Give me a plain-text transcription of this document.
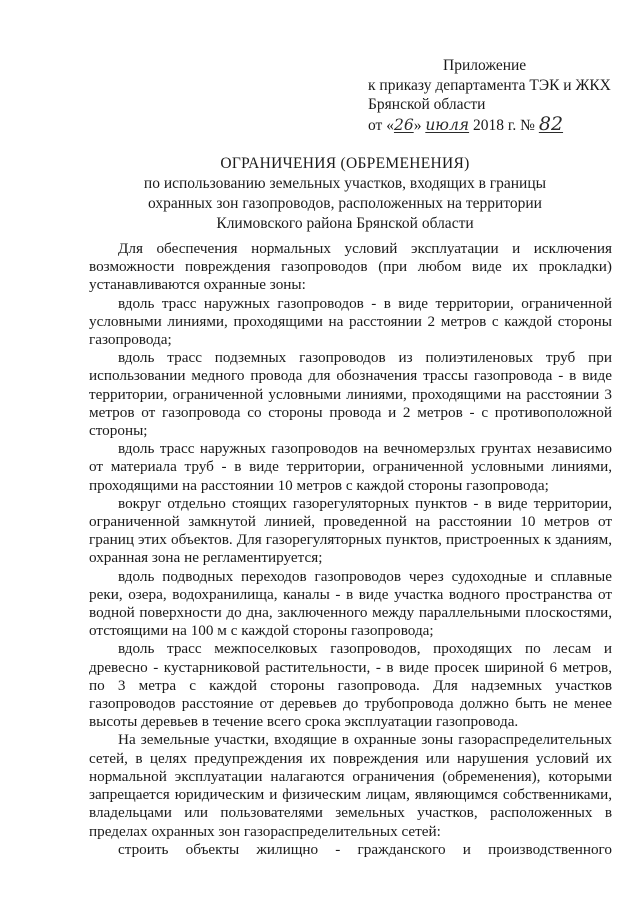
Приложение
к приказу департамента ТЭК и ЖКХ
Брянской области
от «26» июля 2018 г. № 82
ОГРАНИЧЕНИЯ (ОБРЕМЕНЕНИЯ)
по использованию земельных участков, входящих в границы охранных зон газопроводов, расположенных на территории Климовского района Брянской области

Для обеспечения нормальных условий эксплуатации и исключения возможности повреждения газопроводов (при любом виде их прокладки) устанавливаются охранные зоны:

вдоль трасс наружных газопроводов - в виде территории, ограниченной условными линиями, проходящими на расстоянии 2 метров с каждой стороны газопровода;

вдоль трасс подземных газопроводов из полиэтиленовых труб при использовании медного провода для обозначения трассы газопровода - в виде территории, ограниченной условными линиями, проходящими на расстоянии 3 метров от газопровода со стороны провода и 2 метров - с противоположной стороны;

вдоль трасс наружных газопроводов на вечномерзлых грунтах независимо от материала труб - в виде территории, ограниченной условными линиями, проходящими на расстоянии 10 метров с каждой стороны газопровода;

вокруг отдельно стоящих газорегуляторных пунктов - в виде территории, ограниченной замкнутой линией, проведенной на расстоянии 10 метров от границ этих объектов. Для газорегуляторных пунктов, пристроенных к зданиям, охранная зона не регламентируется;

вдоль подводных переходов газопроводов через судоходные и сплавные реки, озера, водохранилища, каналы - в виде участка водного пространства от водной поверхности до дна, заключенного между параллельными плоскостями, отстоящими на 100 м с каждой стороны газопровода;

вдоль трасс межпоселковых газопроводов, проходящих по лесам и древесно - кустарниковой растительности, - в виде просек шириной 6 метров, по 3 метра с каждой стороны газопровода. Для надземных участков газопроводов расстояние от деревьев до трубопровода должно быть не менее высоты деревьев в течение всего срока эксплуатации газопровода.

На земельные участки, входящие в охранные зоны газораспределительных сетей, в целях предупреждения их повреждения или нарушения условий их нормальной эксплуатации налагаются ограничения (обременения), которыми запрещается юридическим и физическим лицам, являющимся собственниками, владельцами или пользователями земельных участков, расположенных в пределах охранных зон газораспределительных сетей:

строить объекты жилищно - гражданского и производственного
